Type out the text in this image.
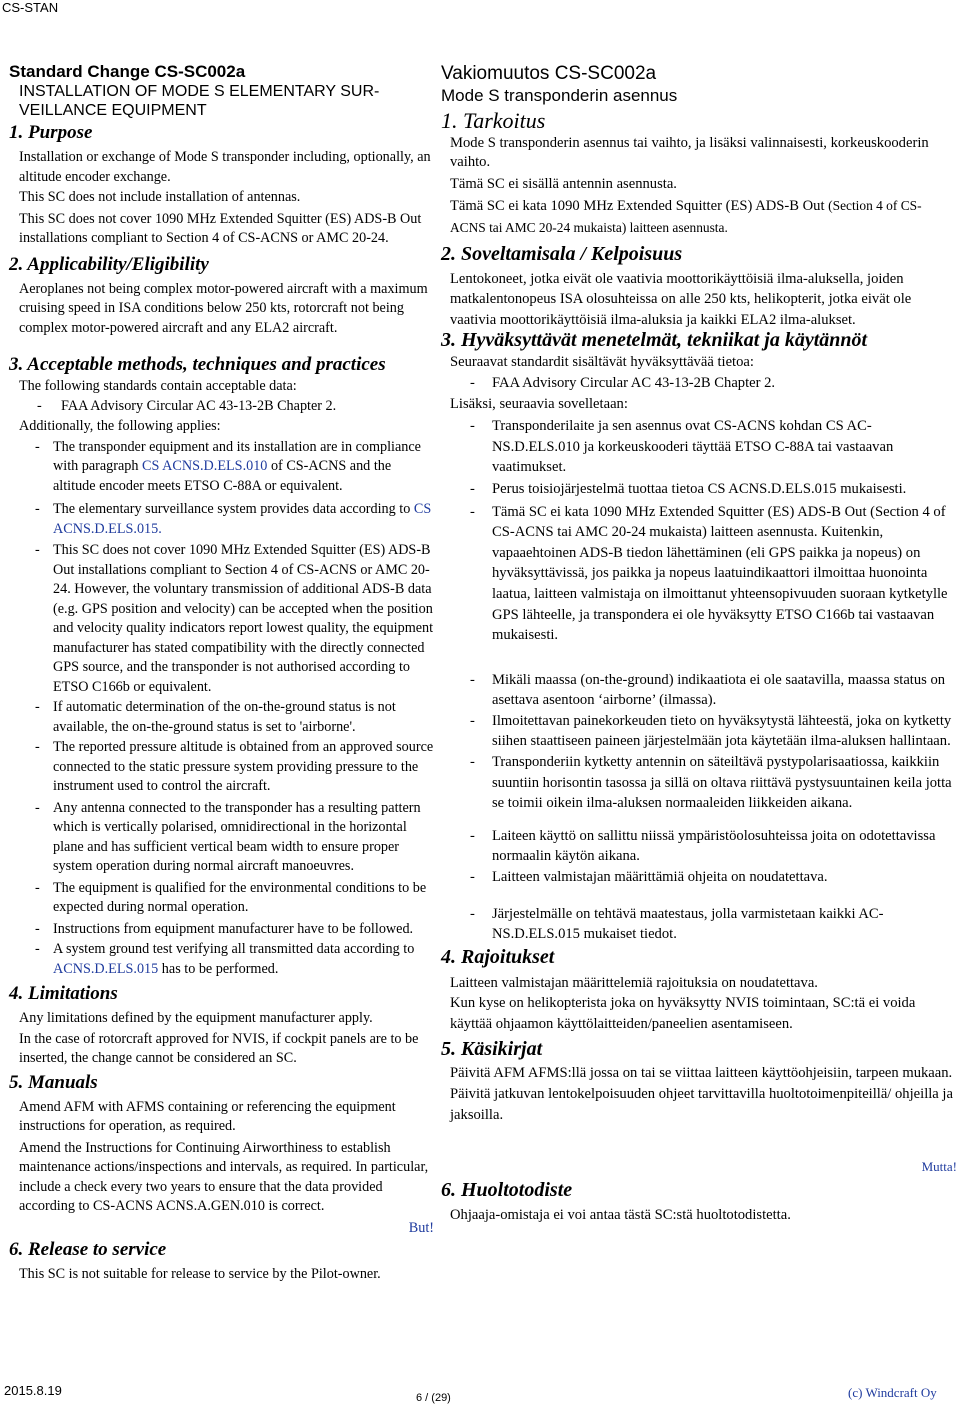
CS-STAN
Standard Change CS-SC002a
INSTALLATION OF MODE S ELEMENTARY SUR-VEILLANCE EQUIPMENT
1. Purpose
Installation or exchange of Mode S transponder including, optionally, an altitude encoder exchange.
This SC does not include installation of antennas.
This SC does not cover 1090 MHz Extended Squitter (ES) ADS-B Out installations compliant to Section 4 of CS-ACNS or AMC 20-24.
2. Applicability/Eligibility
Aeroplanes not being complex motor-powered aircraft with a maximum cruising speed in ISA conditions below 250 kts, rotorcraft not being complex motor-powered aircraft and any ELA2 aircraft.
3. Acceptable methods, techniques and practices
The following standards contain acceptable data:
- FAA Advisory Circular AC 43-13-2B Chapter 2.
Additionally, the following applies:
- The transponder equipment and its installation are in compliance with paragraph CS ACNS.D.ELS.010 of CS-ACNS and the altitude encoder meets ETSO C-88A or equivalent.
- The elementary surveillance system provides data according to CS ACNS.D.ELS.015.
- This SC does not cover 1090 MHz Extended Squitter (ES) ADS-B Out installations compliant to Section 4 of CS-ACNS or AMC 20-24. However, the voluntary transmission of additional ADS-B data (e.g. GPS position and velocity) can be accepted when the position and velocity quality indicators report lowest quality, the equipment manufacturer has stated compatibility with the directly connected GPS source, and the transponder is not authorised according to ETSO C166b or equivalent.
- If automatic determination of the on-the-ground status is not available, the on-the-ground status is set to 'airborne'.
- The reported pressure altitude is obtained from an approved source connected to the static pressure system providing pressure to the instrument used to control the aircraft.
- Any antenna connected to the transponder has a resulting pattern which is vertically polarised, omnidirectional in the horizontal plane and has sufficient vertical beam width to ensure proper system operation during normal aircraft manoeuvres.
- The equipment is qualified for the environmental conditions to be expected during normal operation.
- Instructions from equipment manufacturer have to be followed.
- A system ground test verifying all transmitted data according to ACNS.D.ELS.015 has to be performed.
4. Limitations
Any limitations defined by the equipment manufacturer apply.
In the case of rotorcraft approved for NVIS, if cockpit panels are to be inserted, the change cannot be considered an SC.
5. Manuals
Amend AFM with AFMS containing or referencing the equipment instructions for operation, as required.
Amend the Instructions for Continuing Airworthiness to establish maintenance actions/inspections and intervals, as required. In particular, include a check every two years to ensure that the data provided according to CS-ACNS ACNS.A.GEN.010 is correct.
But!
6. Release to service
This SC is not suitable for release to service by the Pilot-owner.
Vakiomuutos CS-SC002a
Mode S transponderin asennus
1. Tarkoitus
Mode S transponderin asennus tai vaihto, ja lisäksi valinnaisesti, korkeuskooderin vaihto.
Tämä SC ei sisällä antennin asennusta.
Tämä SC ei kata 1090 MHz Extended Squitter (ES) ADS-B Out (Section 4 of CS-ACNS tai AMC 20-24 mukaista) laitteen asennusta.
2. Soveltamisala / Kelpoisuus
Lentokoneet, jotka eivät ole vaativia moottorikäyttöisiä ilma-aluksella, joiden matkalentonopeus ISA olosuhteissa on alle 250 kts, helikopterit, jotka eivät ole vaativia moottorikäyttöisiä ilma-aluksia ja kaikki ELA2 ilma-alukset.
3. Hyväksyttävät menetelmät, tekniikat ja käytännöt
Seuraavat standardit sisältävät hyväksyttävää tietoa:
- FAA Advisory Circular AC 43-13-2B Chapter 2.
Lisäksi, seuraavia sovelletaan:
- Transponderilaite ja sen asennus ovat CS-ACNS kohdan CS AC-NS.D.ELS.010 ja korkeuskooderi täyttää ETSO C-88A tai vastaavan vaatimukset.
- Perus toisiojärjestelmä tuottaa tietoa CS ACNS.D.ELS.015 mukaisesti.
- Tämä SC ei kata 1090 MHz Extended Squitter (ES) ADS-B Out (Section 4 of CS-ACNS tai AMC 20-24 mukaista) laitteen asennusta. Kuitenkin, vapaaehtoinen ADS-B tiedon lähettäminen (eli GPS paikka ja nopeus) on hyväksyttävissä, jos paikka ja nopeus laatuindikaattori ilmoittaa huonointa laatua, laitteen valmistaja on ilmoittanut yhteensopivuuden suoraan kytketylle GPS lähteelle, ja transpondera ei ole hyväksytty ETSO C166b tai vastaavan mukaisesti.
- Mikäli maassa (on-the-ground) indikaatiota ei ole saatavilla, maassa status on asettava asentoon ‘airborne’ (ilmassa).
- Ilmoitettavan painekorkeuden tieto on hyväksytystä lähteestä, joka on kytketty siihen staattiseen paineen järjestelmään jota käytetään ilma-aluksen hallintaan.
- Transponderiin kytketty antennin on säteiltävä pystypolarisaatiossa, kaikkiin suuntiin horisontin tasossa ja sillä on oltava riittävä pystysuuntainen keila jotta se toimii oikein ilma-aluksen normaaleiden liikkeiden aikana.
- Laiteen käyttö on sallittu niissä ympäristöolosuhteissa joita on odotettavissa normaalin käytön aikana.
- Laitteen valmistajan määrittämiä ohjeita on noudatettava.
- Järjestelmälle on tehtävä maatestaus, jolla varmistetaan kaikki AC-NS.D.ELS.015 mukaiset tiedot.
4. Rajoitukset
Laitteen valmistajan määrittelemiä rajoituksia on noudatettava.
Kun kyse on helikopterista joka on hyväksytty NVIS toimintaan, SC:tä ei voida käyttää ohjaamon käyttölaitteiden/paneelien asentamiseen.
5. Käsikirjat
Päivitä AFM AFMS:llä jossa on tai se viittaa laitteen käyttöohjeisiin, tarpeen mukaan.
Päivitä jatkuvan lentokelpoisuuden ohjeet tarvittavilla huoltotoimenpiteillä/ ohjeilla ja jaksoilla.
Mutta!
6. Huoltotodiste
Ohjaaja-omistaja ei voi antaa tästä SC:stä huoltotodistetta.
2015.8.19	6 / (29)	(c) Windcraft Oy
